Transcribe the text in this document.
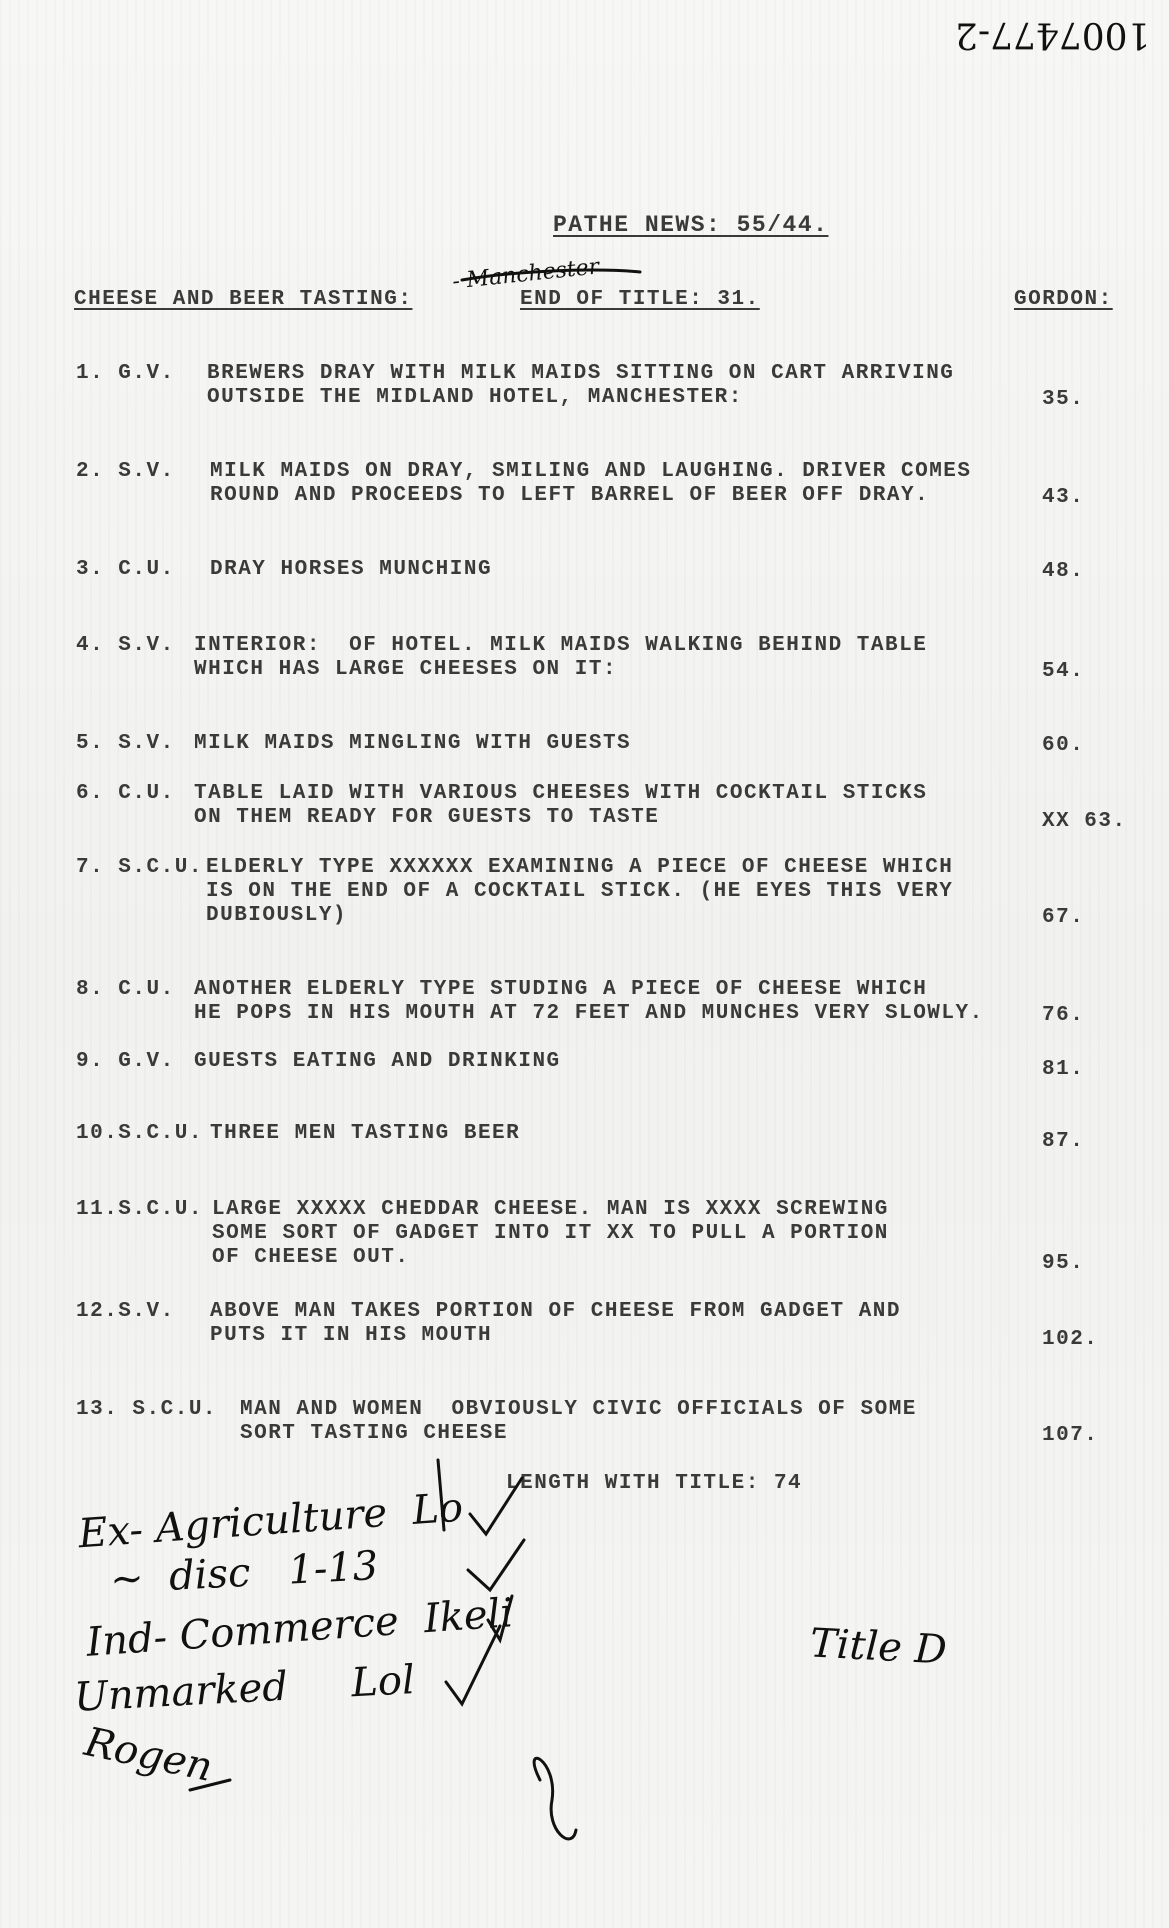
1007477-2
PATHE NEWS: 55/44.
CHEESE AND BEER TASTING:
- Manchester
END OF TITLE: 31.	GORDON:
1. G.V. BREWERS DRAY WITH MILK MAIDS SITTING ON CART ARRIVING
OUTSIDE THE MIDLAND HOTEL, MANCHESTER:	35.
2. S.V. MILK MAIDS ON DRAY, SMILING AND LAUGHING. DRIVER COMES
ROUND AND PROCEEDS TO LEFT BARREL OF BEER OFF DRAY.	43.
3. C.U. DRAY HORSES MUNCHING	48.
4. S.V. INTERIOR:  OF HOTEL. MILK MAIDS WALKING BEHIND TABLE
WHICH HAS LARGE CHEESES ON IT:	54.
5. S.V. MILK MAIDS MINGLING WITH GUESTS	60.
6. C.U. TABLE LAID WITH VARIOUS CHEESES WITH COCKTAIL STICKS
ON THEM READY FOR GUESTS TO TASTE	XX 63.
7. S.C.U. ELDERLY TYPE XXXXXX EXAMINING A PIECE OF CHEESE WHICH
IS ON THE END OF A COCKTAIL STICK. (HE EYES THIS VERY
DUBIOUSLY)	67.
8. C.U. ANOTHER ELDERLY TYPE STUDING A PIECE OF CHEESE WHICH
HE POPS IN HIS MOUTH AT 72 FEET AND MUNCHES VERY SLOWLY.	76.
9. G.V. GUESTS EATING AND DRINKING	81.
10.S.C.U. THREE MEN TASTING BEER	87.
11.S.C.U. LARGE XXXXX CHEDDAR CHEESE. MAN IS XXXX SCREWING
SOME SORT OF GADGET INTO IT XX TO PULL A PORTION
OF CHEESE OUT.	95.
12.S.V. ABOVE MAN TAKES PORTION OF CHEESE FROM GADGET AND
PUTS IT IN HIS MOUTH	102.
13. S.C.U. MAN AND WOMEN  OBVIOUSLY CIVIC OFFICIALS OF SOME
SORT TASTING CHEESE	107.
LENGTH WITH TITLE: 74
Ex- Agriculture  Lo
~  disc   1-13
Ind- Commerce  Ikeli
Unmarked     Lol
Rogen
Title D
